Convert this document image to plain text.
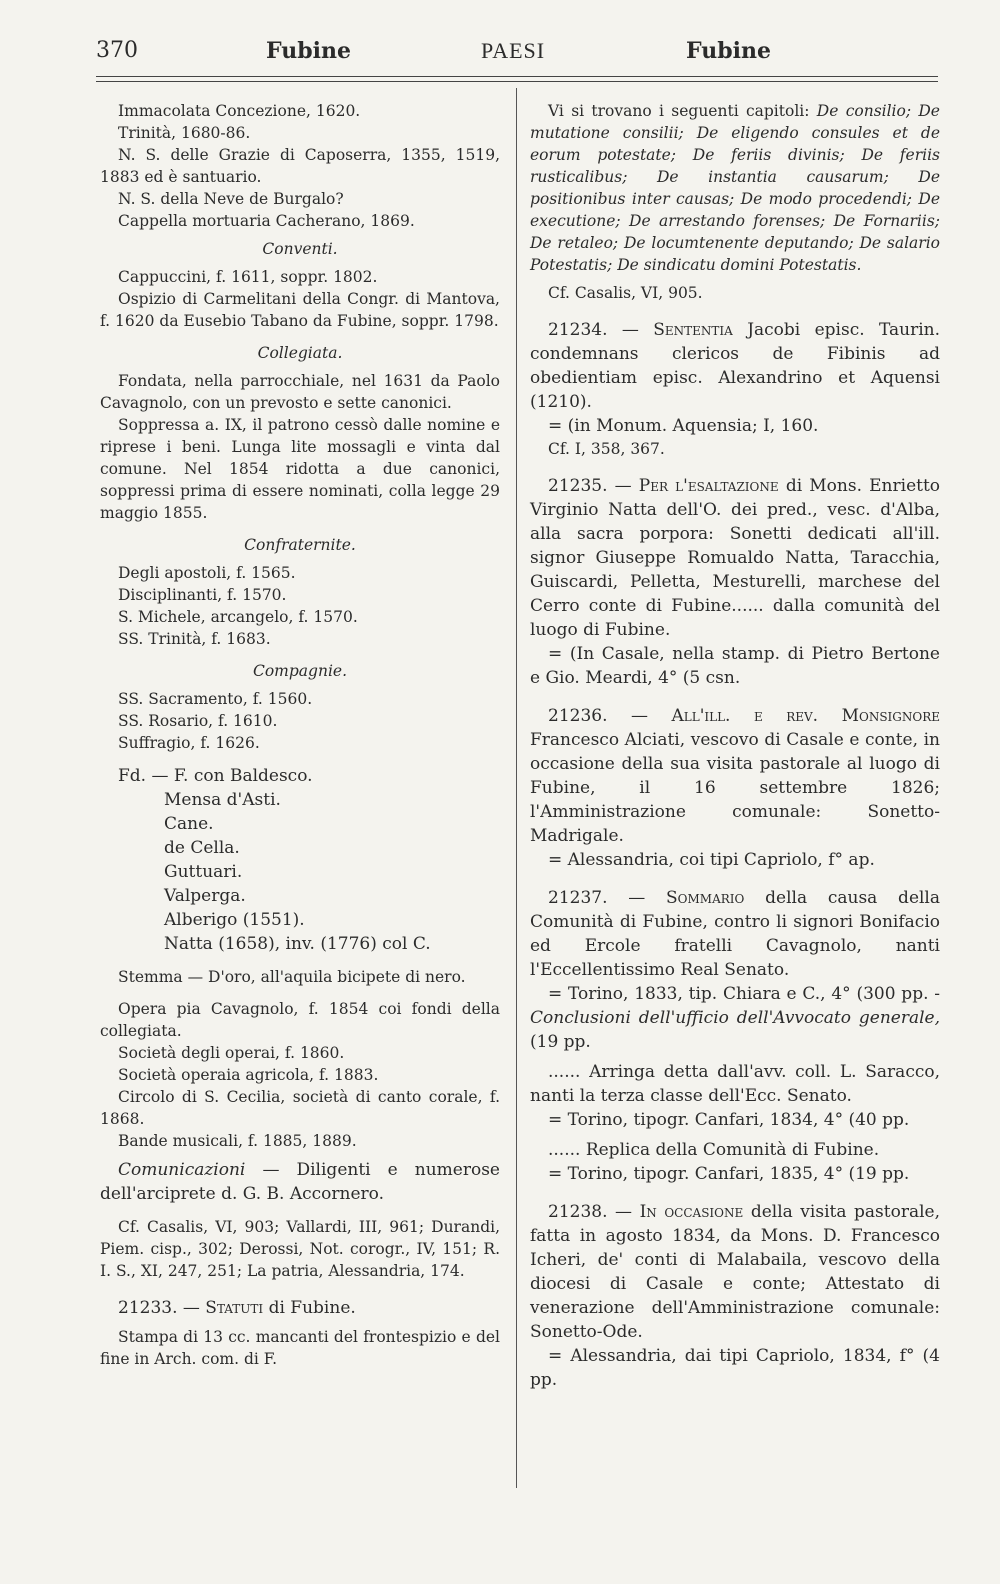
370	Fubine	PAESI	Fubine

Immacolata Concezione, 1620.

Trinità, 1680-86.

N. S. delle Grazie di Caposerra, 1355, 1519, 1883 ed è santuario.

N. S. della Neve de Burgalo?

Cappella mortuaria Cacherano, 1869.

Conventi.

Cappuccini, f. 1611, soppr. 1802.

Ospizio di Carmelitani della Congr. di Mantova, f. 1620 da Eusebio Tabano da Fubine, soppr. 1798.

Collegiata.

Fondata, nella parrocchiale, nel 1631 da Paolo Cavagnolo, con un prevosto e sette canonici.

Soppressa a. IX, il patrono cessò dalle nomine e riprese i beni. Lunga lite mossagli e vinta dal comune. Nel 1854 ridotta a due canonici, soppressi prima di essere nominati, colla legge 29 maggio 1855.

Confraternite.

Degli apostoli, f. 1565.

Disciplinanti, f. 1570.

S. Michele, arcangelo, f. 1570.

SS. Trinità, f. 1683.

Compagnie.

SS. Sacramento, f. 1560.

SS. Rosario, f. 1610.

Suffragio, f. 1626.

Fd. — F. con Baldesco.

Mensa d'Asti.

Cane.

de Cella.

Guttuari.

Valperga.

Alberigo (1551).

Natta (1658), inv. (1776) col C.

Stemma — D'oro, all'aquila bicipete di nero.

Opera pia Cavagnolo, f. 1854 coi fondi della collegiata.

Società degli operai, f. 1860.

Società operaia agricola, f. 1883.

Circolo di S. Cecilia, società di canto corale, f. 1868.

Bande musicali, f. 1885, 1889.

Comunicazioni — Diligenti e numerose dell'arciprete d. G. B. Accornero.

Cf. Casalis, VI, 903; Vallardi, III, 961; Durandi, Piem. cisp., 302; Derossi, Not. corogr., IV, 151; R. I. S., XI, 247, 251; La patria, Alessandria, 174.

21233. — Statuti di Fubine.

Stampa di 13 cc. mancanti del frontespizio e del fine in Arch. com. di F.

Vi si trovano i seguenti capitoli: De consilio; De mutatione consilii; De eligendo consules et de eorum potestate; De feriis divinis; De feriis rusticalibus; De instantia causarum; De positionibus inter causas; De modo procedendi; De executione; De arrestando forenses; De Fornariis; De retaleo; De locumtenente deputando; De salario Potestatis; De sindicatu domini Potestatis.

Cf. Casalis, VI, 905.

21234. — Sententia Jacobi episc. Taurin. condemnans clericos de Fibinis ad obedientiam episc. Alexandrino et Aquensi (1210).

= (in Monum. Aquensia; I, 160.

Cf. I, 358, 367.

21235. — Per l'esaltazione di Mons. Enrietto Virginio Natta dell'O. dei pred., vesc. d'Alba, alla sacra porpora: Sonetti dedicati all'ill. signor Giuseppe Romualdo Natta, Taracchia, Guiscardi, Pelletta, Mesturelli, marchese del Cerro conte di Fubine...... dalla comunità del luogo di Fubine.

= (In Casale, nella stamp. di Pietro Bertone e Gio. Meardi, 4° (5 csn.

21236. — All'ill. e rev. Monsignore Francesco Alciati, vescovo di Casale e conte, in occasione della sua visita pastorale al luogo di Fubine, il 16 settembre 1826; l'Amministrazione comunale: Sonetto-Madrigale.

= Alessandria, coi tipi Capriolo, f° ap.

21237. — Sommario della causa della Comunità di Fubine, contro li signori Bonifacio ed Ercole fratelli Cavagnolo, nanti l'Eccellentissimo Real Senato.

= Torino, 1833, tip. Chiara e C., 4° (300 pp. - Conclusioni dell'ufficio dell'Avvocato generale, (19 pp.

...... Arringa detta dall'avv. coll. L. Saracco, nanti la terza classe dell'Ecc. Senato.

= Torino, tipogr. Canfari, 1834, 4° (40 pp.

...... Replica della Comunità di Fubine.

= Torino, tipogr. Canfari, 1835, 4° (19 pp.

21238. — In occasione della visita pastorale, fatta in agosto 1834, da Mons. D. Francesco Icheri, de' conti di Malabaila, vescovo della diocesi di Casale e conte; Attestato di venerazione dell'Amministrazione comunale: Sonetto-Ode.

= Alessandria, dai tipi Capriolo, 1834, f° (4 pp.
